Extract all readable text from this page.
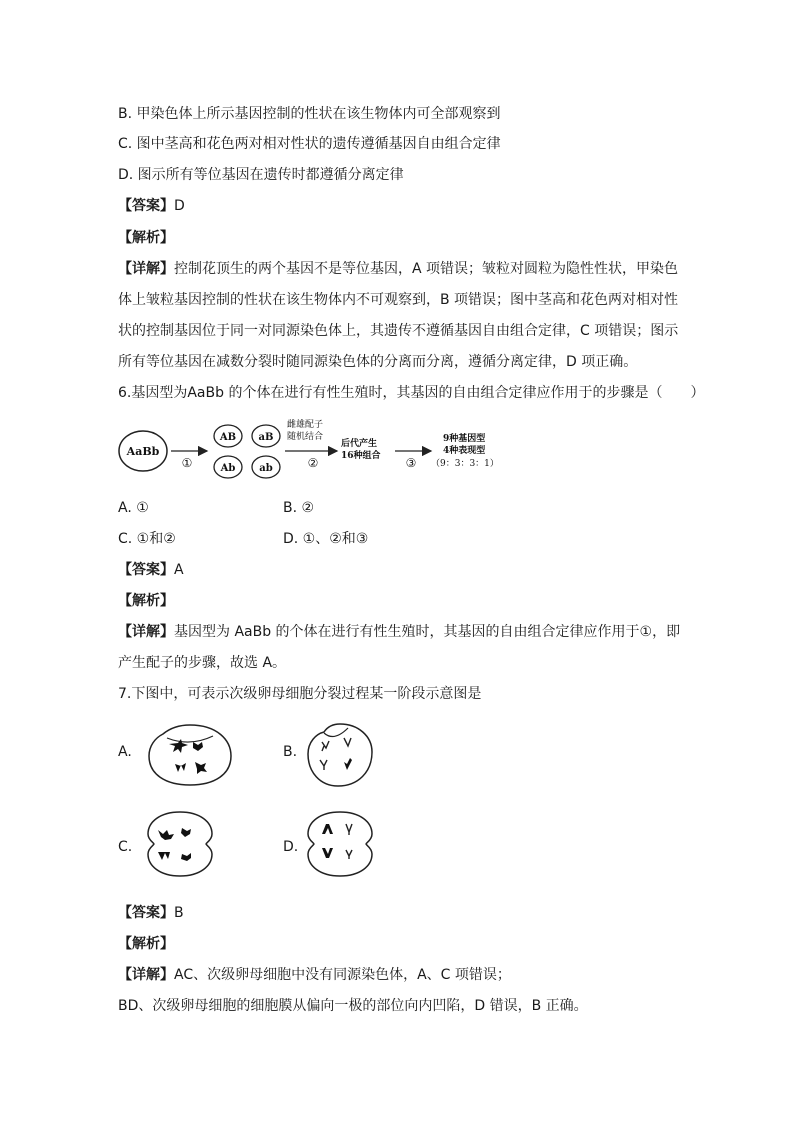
B. 甲染色体上所示基因控制的性状在该生物体内可全部观察到
C. 图中茎高和花色两对相对性状的遗传遵循基因自由组合定律
D. 图示所有等位基因在遗传时都遵循分离定律
【答案】D
【解析】
【详解】控制花顶生的两个基因不是等位基因，A 项错误；皱粒对圆粒为隐性性状，甲染色
体上皱粒基因控制的性状在该生物体内不可观察到，B 项错误；图中茎高和花色两对相对性
状的控制基因位于同一对同源染色体上，其遗传不遵循基因自由组合定律，C 项错误；图示
所有等位基因在减数分裂时随同源染色体的分离而分离，遵循分离定律，D 项正确。
6.基因型为AaBb 的个体在进行有性生殖时，其基因的自由组合定律应作用于的步骤是（　　）
AaBb
①
AB aB
Ab ab
雌雄配子
随机结合
②
后代产生
16种组合 ③
9种基因型
4种表现型
（9：3：3：1）
A. ①	B. ②
C. ①和②	D. ①、②和③
【答案】A
【解析】
【详解】基因型为 AaBb 的个体在进行有性生殖时，其基因的自由组合定律应作用于①，即
产生配子的步骤，故选 A。
7.下图中，可表示次级卵母细胞分裂过程某一阶段示意图是
A.	B.
C.	D.
【答案】B
【解析】
【详解】AC、次级卵母细胞中没有同源染色体，A、C 项错误；
BD、次级卵母细胞的细胞膜从偏向一极的部位向内凹陷，D 错误，B 正确。
